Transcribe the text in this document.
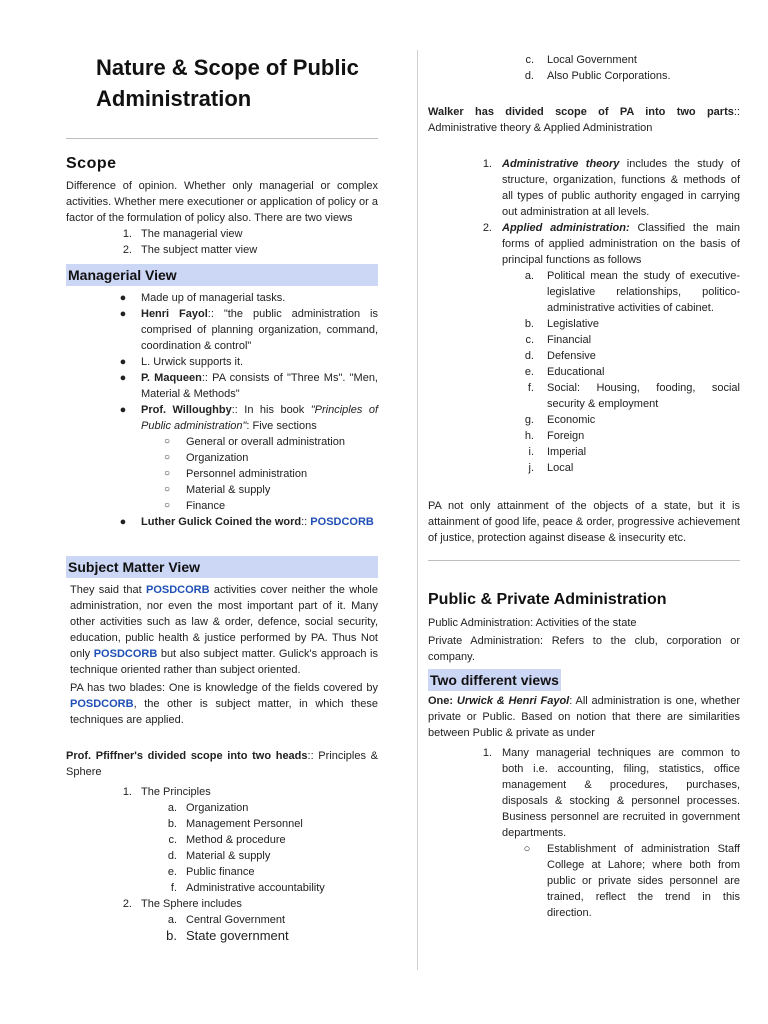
Nature & Scope of Public Administration
Scope

Difference of opinion. Whether only managerial or complex activities. Whether mere executioner or application of policy or a factor of the formulation of policy also. There are two views

1. The managerial view
2. The subject matter view
Managerial View
● Made up of managerial tasks.
● Henri Fayol:: "the public administration is comprised of planning organization, command, coordination & control"
● L. Urwick supports it.
● P. Maqueen:: PA consists of "Three Ms". "Men, Material & Methods"
● Prof. Willoughby:: In his book "Principles of Public administration": Five sections
○ General or overall administration
○ Organization
○ Personnel administration
○ Material & supply
○ Finance
● Luther Gulick Coined the word:: POSDCORB
Subject Matter View

They said that POSDCORB activities cover neither the whole administration, nor even the most important part of it. Many other activities such as law & order, defence, social security, education, public health & justice performed by PA. Thus Not only POSDCORB but also subject matter. Gulick's approach is technique oriented rather than subject oriented.

PA has two blades: One is knowledge of the fields covered by POSDCORB, the other is subject matter, in which these techniques are applied.

Prof. Pfiffner's divided scope into two heads:: Principles & Sphere

1. The Principles
a. Organization
b. Management Personnel
c. Method & procedure
d. Material & supply
e. Public finance
f. Administrative accountability
2. The Sphere includes
a. Central Government
b. State government
c. Local Government
d. Also Public Corporations.

Walker has divided scope of PA into two parts:: Administrative theory & Applied Administration

1. Administrative theory includes the study of structure, organization, functions & methods of all types of public authority engaged in carrying out administration at all levels.
2. Applied administration: Classified the main forms of applied administration on the basis of principal functions as follows
a. Political mean the study of executive-legislative relationships, politico-administrative activities of cabinet.
b. Legislative
c. Financial
d. Defensive
e. Educational
f. Social: Housing, fooding, social security & employment
g. Economic
h. Foreign
i. Imperial
j. Local

PA not only attainment of the objects of a state, but it is attainment of good life, peace & order, progressive achievement of justice, protection against disease & insecurity etc.

Public & Private Administration

Public Administration: Activities of the state

Private Administration: Refers to the club, corporation or company.

Two different views

One: Urwick & Henri Fayol: All administration is one, whether private or Public. Based on notion that there are similarities between Public & private as under

1. Many managerial techniques are common to both i.e. accounting, filing, statistics, office management & procedures, purchases, disposals & stocking & personnel processes. Business personnel are recruited in government departments.
○	Establishment of administration Staff College at Lahore; where both from public or private sides personnel are trained, reflect the trend in this direction.
